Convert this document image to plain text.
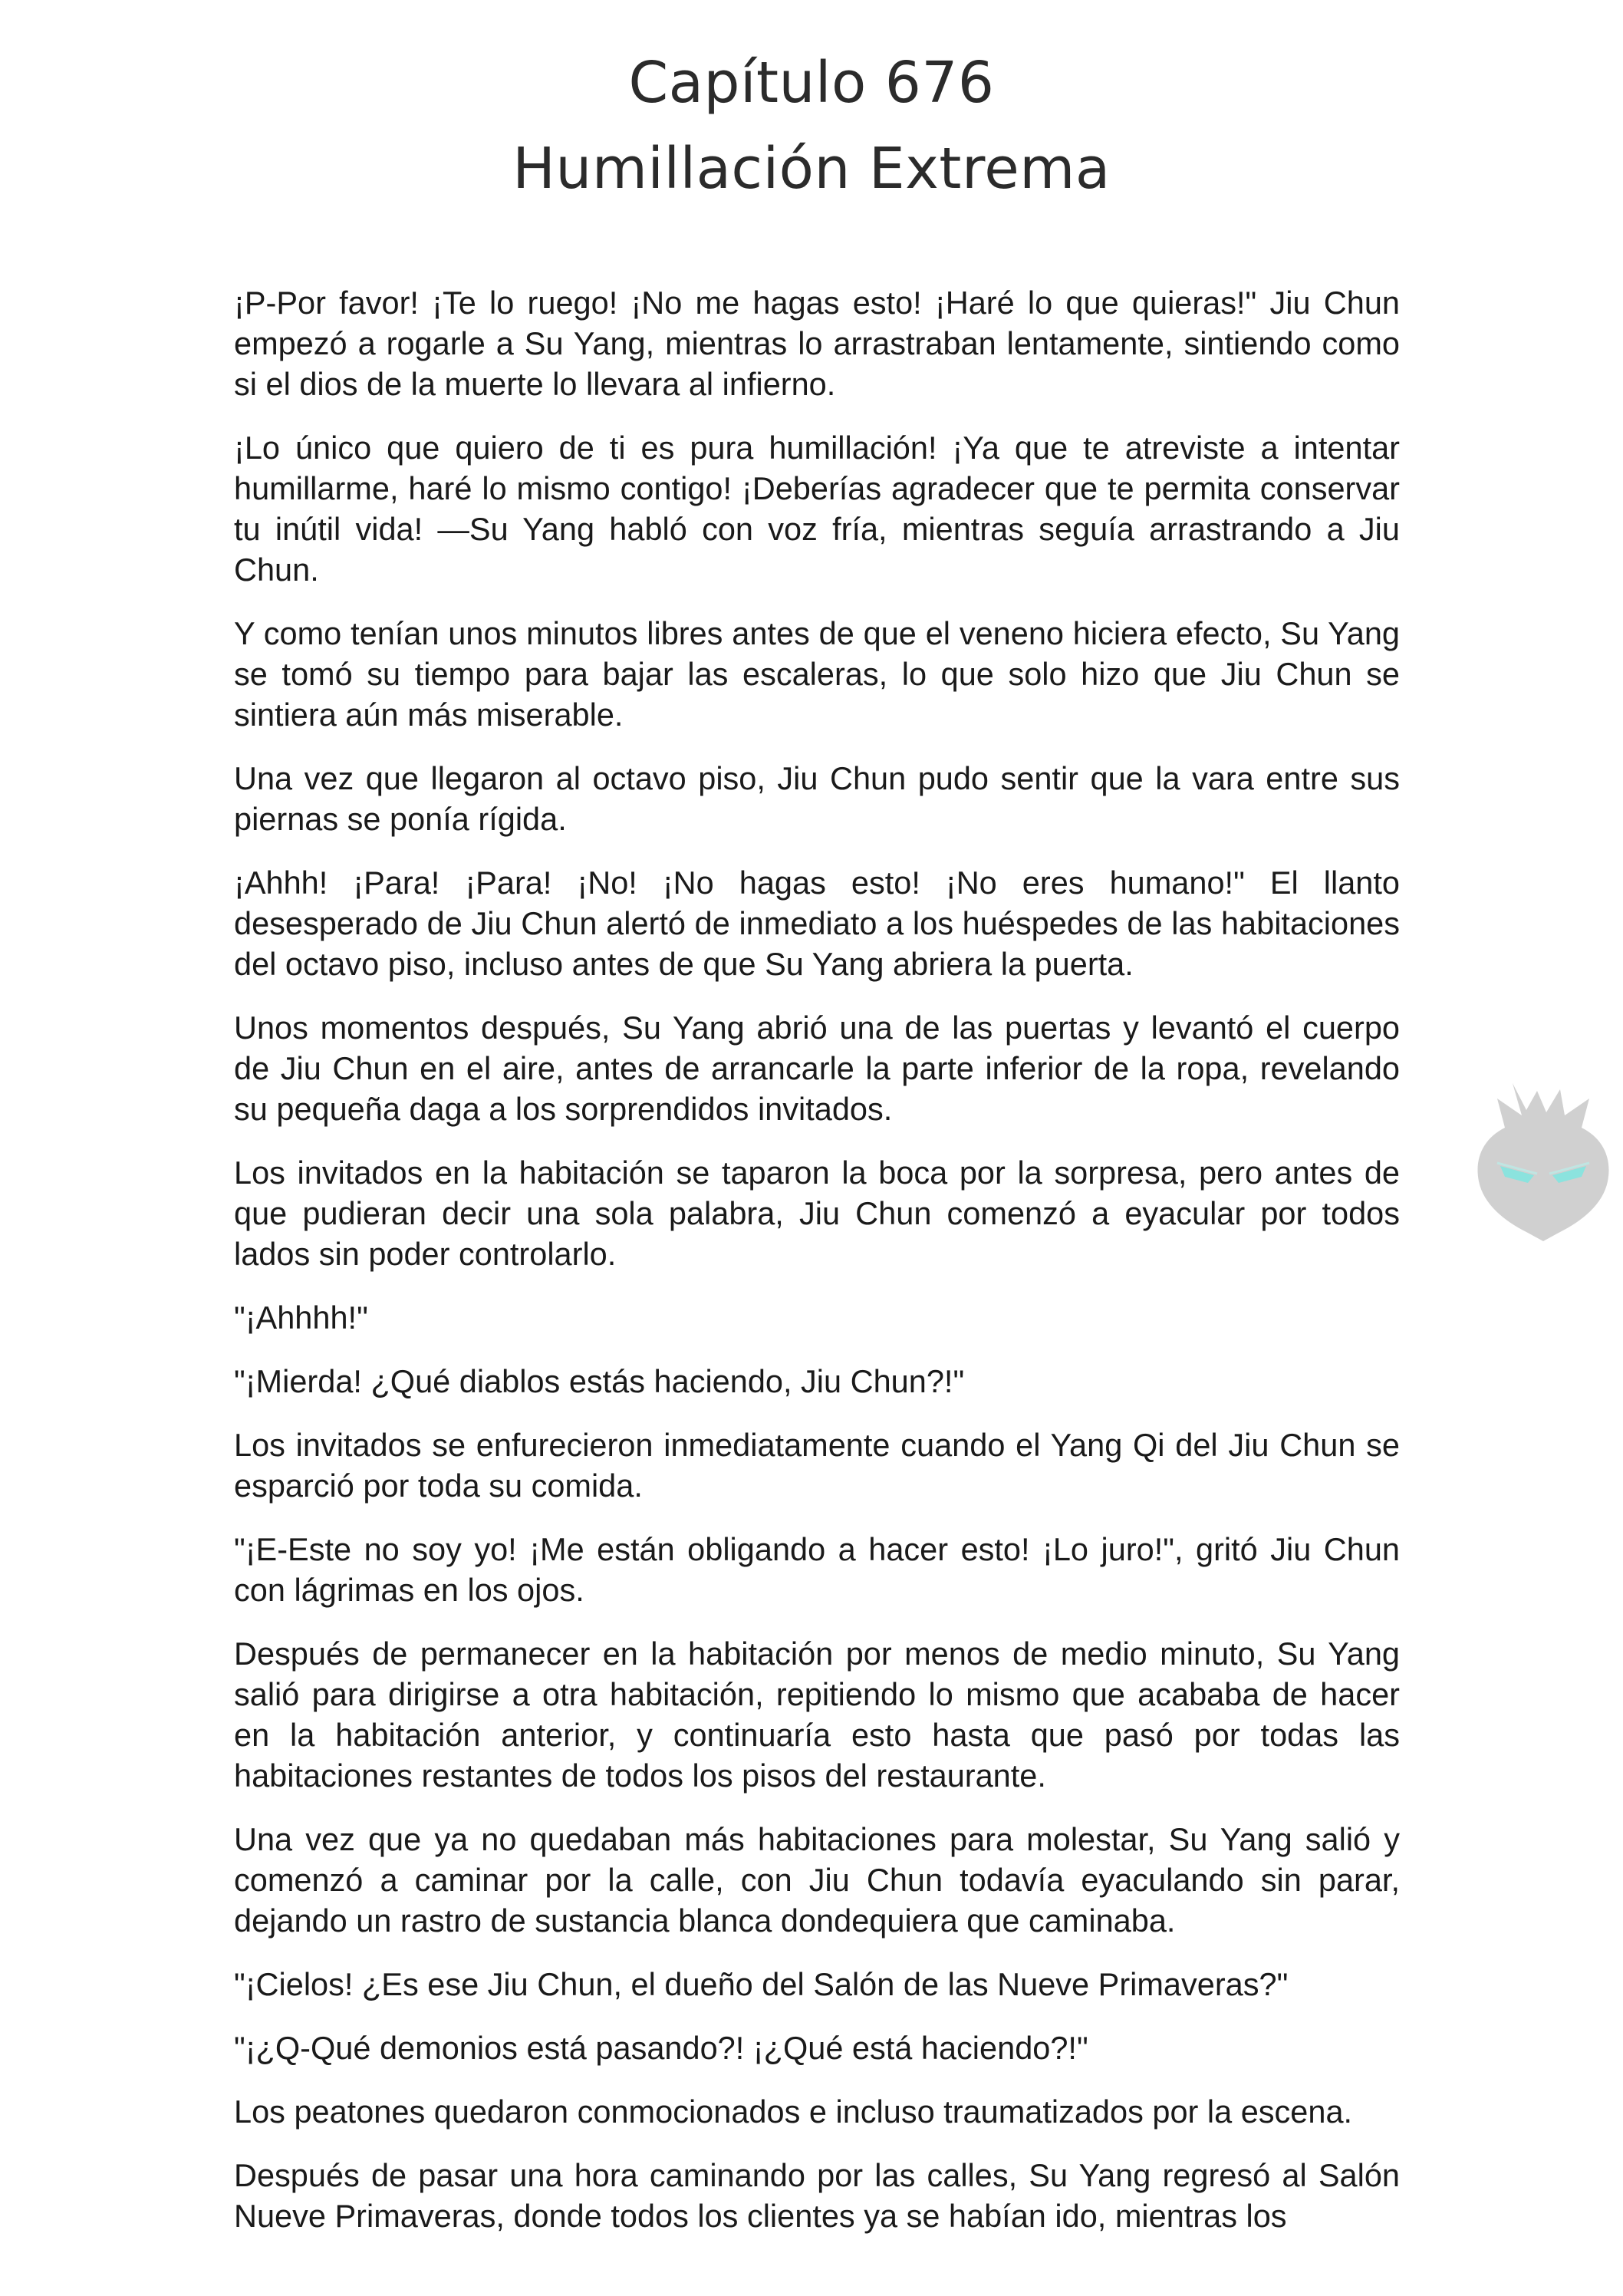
Capítulo 676
Humillación Extrema

¡P-Por favor! ¡Te lo ruego! ¡No me hagas esto! ¡Haré lo que quieras!" Jiu Chun empezó a rogarle a Su Yang, mientras lo arrastraban lentamente, sintiendo como si el dios de la muerte lo llevara al infierno.

¡Lo único que quiero de ti es pura humillación! ¡Ya que te atreviste a intentar humillarme, haré lo mismo contigo! ¡Deberías agradecer que te permita conservar tu inútil vida! —Su Yang habló con voz fría, mientras seguía arrastrando a Jiu Chun.

Y como tenían unos minutos libres antes de que el veneno hiciera efecto, Su Yang se tomó su tiempo para bajar las escaleras, lo que solo hizo que Jiu Chun se sintiera aún más miserable.

Una vez que llegaron al octavo piso, Jiu Chun pudo sentir que la vara entre sus piernas se ponía rígida.

¡Ahhh! ¡Para! ¡Para! ¡No! ¡No hagas esto! ¡No eres humano!" El llanto desesperado de Jiu Chun alertó de inmediato a los huéspedes de las habitaciones del octavo piso, incluso antes de que Su Yang abriera la puerta.

Unos momentos después, Su Yang abrió una de las puertas y levantó el cuerpo de Jiu Chun en el aire, antes de arrancarle la parte inferior de la ropa, revelando su pequeña daga a los sorprendidos invitados.

Los invitados en la habitación se taparon la boca por la sorpresa, pero antes de que pudieran decir una sola palabra, Jiu Chun comenzó a eyacular por todos lados sin poder controlarlo.

"¡Ahhhh!"

"¡Mierda! ¿Qué diablos estás haciendo, Jiu Chun?!"

Los invitados se enfurecieron inmediatamente cuando el Yang Qi del Jiu Chun se esparció por toda su comida.

"¡E-Este no soy yo! ¡Me están obligando a hacer esto! ¡Lo juro!", gritó Jiu Chun con lágrimas en los ojos.

Después de permanecer en la habitación por menos de medio minuto, Su Yang salió para dirigirse a otra habitación, repitiendo lo mismo que acababa de hacer en la habitación anterior, y continuaría esto hasta que pasó por todas las habitaciones restantes de todos los pisos del restaurante.

Una vez que ya no quedaban más habitaciones para molestar, Su Yang salió y comenzó a caminar por la calle, con Jiu Chun todavía eyaculando sin parar, dejando un rastro de sustancia blanca dondequiera que caminaba.

"¡Cielos! ¿Es ese Jiu Chun, el dueño del Salón de las Nueve Primaveras?"

"¡¿Q-Qué demonios está pasando?! ¡¿Qué está haciendo?!"

Los peatones quedaron conmocionados e incluso traumatizados por la escena.

Después de pasar una hora caminando por las calles, Su Yang regresó al Salón Nueve Primaveras, donde todos los clientes ya se habían ido, mientras los
